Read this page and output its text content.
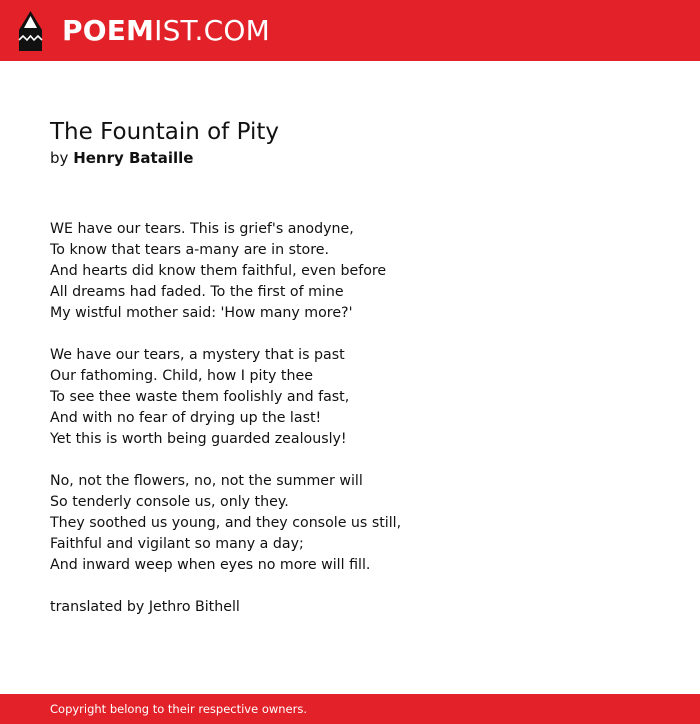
POEMIST.COM
The Fountain of Pity
by Henry Bataille
WE have our tears. This is grief's anodyne,
To know that tears a-many are in store.
And hearts did know them faithful, even before
All dreams had faded. To the first of mine
My wistful mother said: 'How many more?'
We have our tears, a mystery that is past
Our fathoming. Child, how I pity thee
To see thee waste them foolishly and fast,
And with no fear of drying up the last!
Yet this is worth being guarded zealously!
No, not the flowers, no, not the summer will
So tenderly console us, only they.
They soothed us young, and they console us still,
Faithful and vigilant so many a day;
And inward weep when eyes no more will fill.
translated by Jethro Bithell
Copyright belong to their respective owners.
